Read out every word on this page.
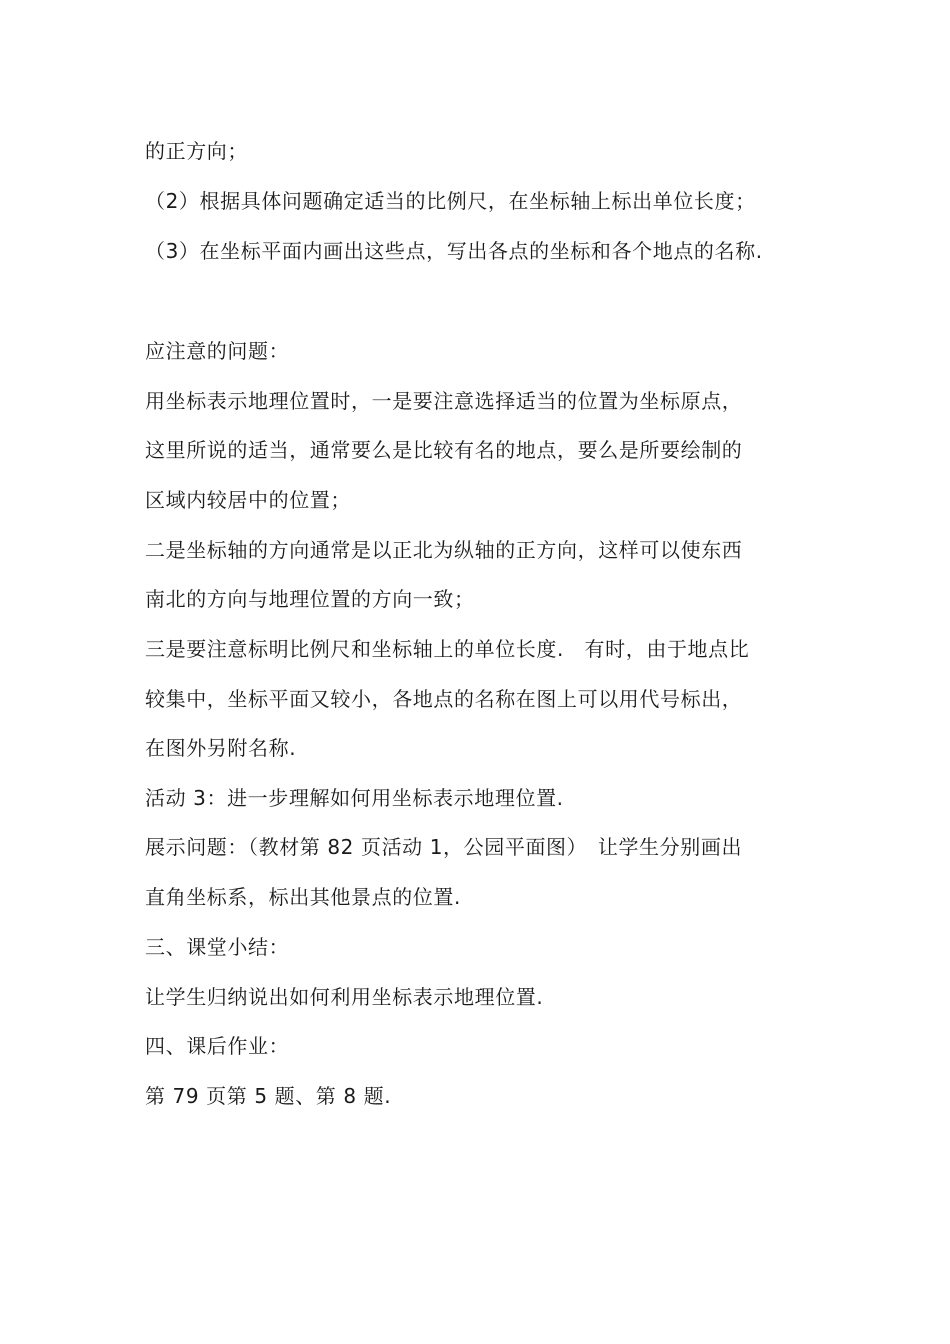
的正方向；
（2）根据具体问题确定适当的比例尺，在坐标轴上标出单位长度；
（3）在坐标平面内画出这些点，写出各点的坐标和各个地点的名称.
应注意的问题：
用坐标表示地理位置时，一是要注意选择适当的位置为坐标原点，
这里所说的适当，通常要么是比较有名的地点，要么是所要绘制的
区域内较居中的位置；
二是坐标轴的方向通常是以正北为纵轴的正方向，这样可以使东西
南北的方向与地理位置的方向一致；
三是要注意标明比例尺和坐标轴上的单位长度.　有时，由于地点比
较集中，坐标平面又较小，各地点的名称在图上可以用代号标出，
在图外另附名称.
活动 3：进一步理解如何用坐标表示地理位置.
展示问题：（教材第 82 页活动 1，公园平面图）　让学生分别画出
直角坐标系，标出其他景点的位置.
三、课堂小结：
让学生归纳说出如何利用坐标表示地理位置.
四、课后作业：
第 79 页第 5 题、第 8 题.
